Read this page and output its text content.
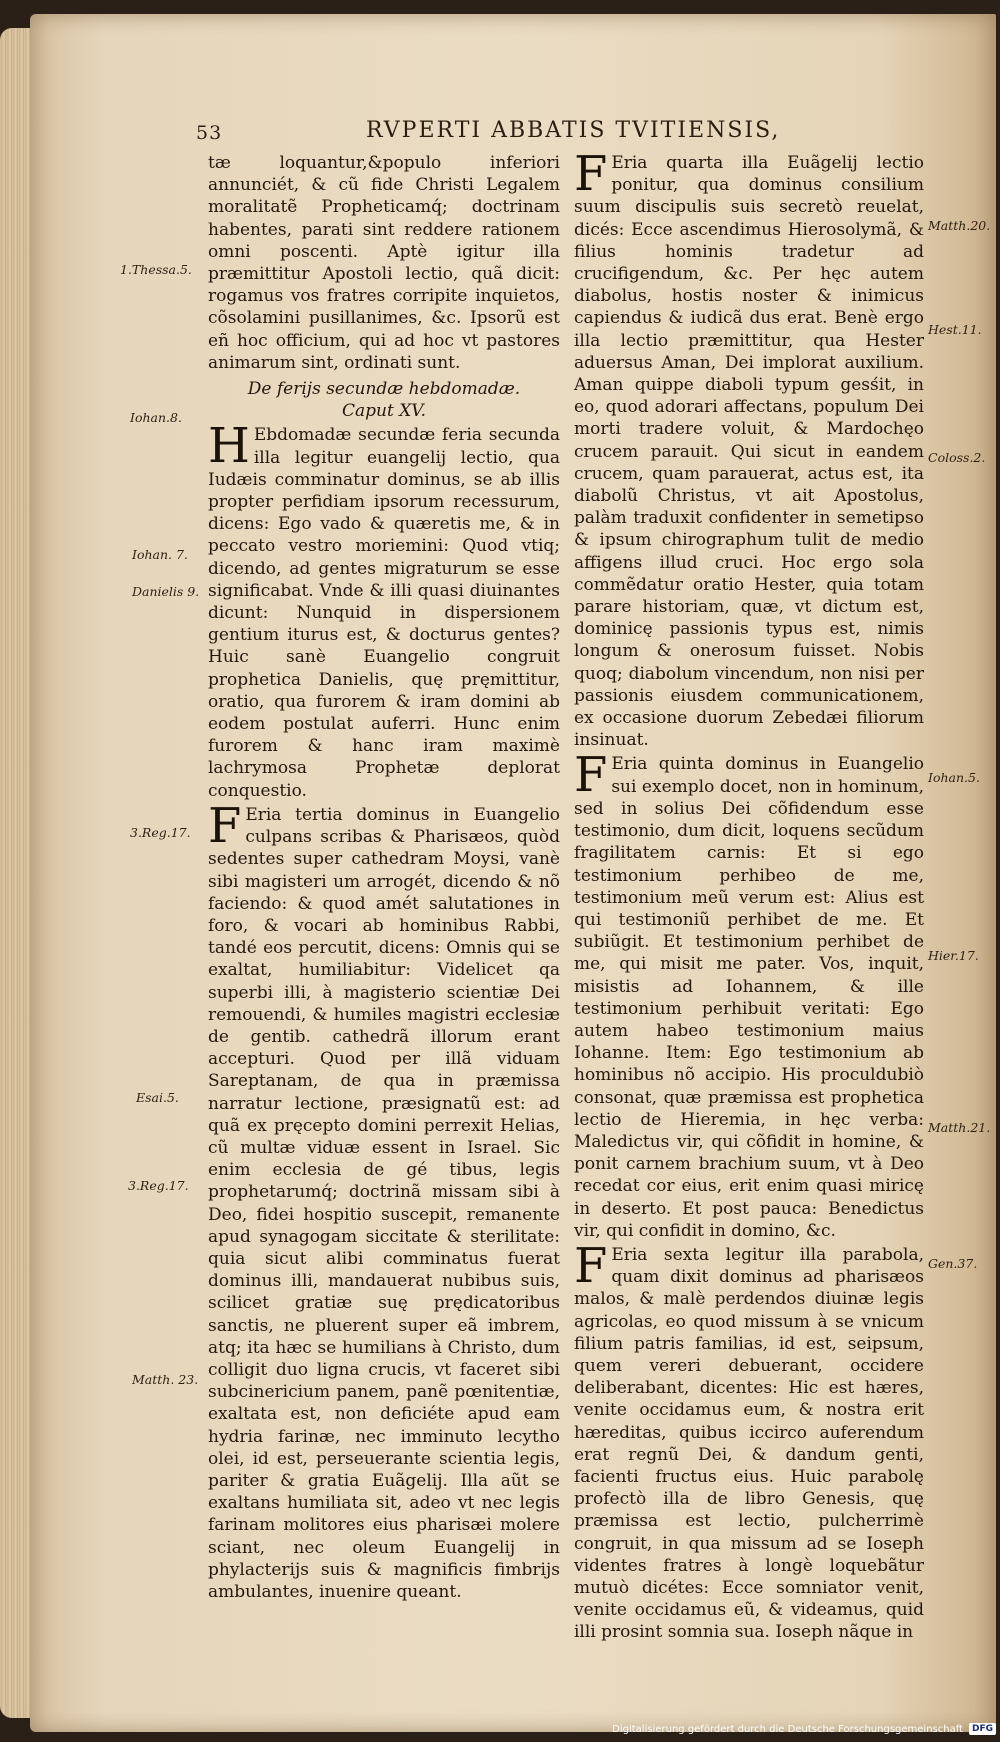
53	RVPERTI ABBATIS TVITIENSIS,

tæ loquantur,&populo inferiori annunciét, & cũ fide Christi Legalem moralitatẽ Propheticamq́; doctrinam habentes, parati sint reddere rationem omni poscenti. Aptè igitur illa præmittitur Apostoli lectio, quã dicit: rogamus vos fratres corripite inquietos, cõsolamini pusillanimes, &c. Ipsorũ est eñ hoc officium, qui ad hoc vt pastores animarum sint, ordinati sunt.

De ferijs secundæ hebdomadæ.

Caput XV.

H Ebdomadæ secundæ feria secunda illa legitur euangelij lectio, qua Iudæis comminatur dominus, se ab illis propter perfidiam ipsorum recessurum, dicens: Ego vado & quæretis me, & in peccato vestro moriemini: Quod vtiq; dicendo, ad gentes migraturum se esse significabat. Vnde & illi quasi diuinantes dicunt: Nunquid in dispersionem gentium iturus est, & docturus gentes? Huic sanè Euangelio congruit prophetica Danielis, quę pręmittitur, oratio, qua furorem & iram domini ab eodem postulat auferri. Hunc enim furorem & hanc iram maximè lachrymosa Prophetæ deplorat conquestio.

F Eria tertia dominus in Euangelio culpans scribas & Pharisæos, quòd sedentes super cathedram Moysi, vanè sibi magisteri um arrogét, dicendo & nõ faciendo: & quod amét salutationes in foro, & vocari ab hominibus Rabbi, tandé eos percutit, dicens: Omnis qui se exaltat, humiliabitur: Videlicet qa superbi illi, à magisterio scientiæ Dei remouendi, & humiles magistri ecclesiæ de gentib. cathedrã illorum erant accepturi. Quod per illã viduam Sareptanam, de qua in præmissa narratur lectione, præsignatũ est: ad quã ex pręcepto domini perrexit Helias, cũ multæ viduæ essent in Israel. Sic enim ecclesia de gé tibus, legis prophetarumq́; doctrinã missam sibi à Deo, fidei hospitio suscepit, remanente apud synagogam siccitate & sterilitate: quia sicut alibi comminatus fuerat dominus illi, mandauerat nubibus suis, scilicet gratiæ suę prędicatoribus sanctis, ne pluerent super eã imbrem, atq; ita hæc se humilians à Christo, dum colligit duo ligna crucis, vt faceret sibi subcinericium panem, panẽ pœnitentiæ, exaltata est, non deficiéte apud eam hydria farinæ, nec imminuto lecytho olei, id est, perseuerante scientia legis, pariter & gratia Euãgelij. Illa aũt se exaltans humiliata sit, adeo vt nec legis farinam molitores eius pharisæi molere sciant, nec oleum Euangelij in phylacterijs suis & magnificis fimbrijs ambulantes, inuenire queant.

F Eria quarta illa Euãgelij lectio ponitur, qua dominus consilium suum discipulis suis secretò reuelat, dicés: Ecce ascendimus Hierosolymã, & filius hominis tradetur ad crucifigendum, &c. Per hęc autem diabolus, hostis noster & inimicus capiendus & iudicã dus erat. Benè ergo illa lectio præmittitur, qua Hester aduersus Aman, Dei implorat auxilium. Aman quippe diaboli typum gesśit, in eo, quod adorari affectans, populum Dei morti tradere voluit, & Mardochęo crucem parauit. Qui sicut in eandem crucem, quam parauerat, actus est, ita diabolũ Christus, vt ait Apostolus, palàm traduxit confidenter in semetipso & ipsum chirographum tulit de medio affigens illud cruci. Hoc ergo sola commẽdatur oratio Hester, quia totam parare historiam, quæ, vt dictum est, dominicę passionis typus est, nimis longum & onerosum fuisset. Nobis quoq; diabolum vincendum, non nisi per passionis eiusdem communicationem, ex occasione duorum Zebedæi filiorum insinuat.

F Eria quinta dominus in Euangelio sui exemplo docet, non in hominum, sed in solius Dei cõfidendum esse testimonio, dum dicit, loquens secũdum fragilitatem carnis: Et si ego testimonium perhibeo de me, testimonium meũ verum est: Alius est qui testimoniũ perhibet de me. Et subiũgit. Et testimonium perhibet de me, qui misit me pater. Vos, inquit, misistis ad Iohannem, & ille testimonium perhibuit veritati: Ego autem habeo testimonium maius Iohanne. Item: Ego testimonium ab hominibus nõ accipio. His proculdubiò consonat, quæ præmissa est prophetica lectio de Hieremia, in hęc verba: Maledictus vir, qui cõfidit in homine, & ponit carnem brachium suum, vt à Deo recedat cor eius, erit enim quasi miricę in deserto. Et post pauca: Benedictus vir, qui confidit in domino, &c.

F Eria sexta legitur illa parabola, quam dixit dominus ad pharisæos malos, & malè perdendos diuinæ legis agricolas, eo quod missum à se vnicum filium patris familias, id est, seipsum, quem vereri debuerant, occidere deliberabant, dicentes: Hic est hæres, venite occidamus eum, & nostra erit hæreditas, quibus iccirco auferendum erat regnũ Dei, & dandum genti, facienti fructus eius. Huic parabolę profectò illa de libro Genesis, quę præmissa est lectio, pulcherrimè congruit, in qua missum ad se Ioseph videntes fratres à longè loquebãtur mutuò dicétes: Ecce somniator venit, venite occidamus eũ, & videamus, quid illi prosint somnia sua. Ioseph nãque in

1.Thessa.5.
Iohan.8.
Iohan. 7.
Danielis 9.
3.Reg.17.
Esai.5.
3.Reg.17.
Matth. 23.
Matth.20.
Hest.11.
Coloss.2.
Iohan.5.
Hier.17.
Matth.21.
Gen.37.
Digitalisierung gefördert durch die Deutsche Forschungsgemeinschaft	DFG
